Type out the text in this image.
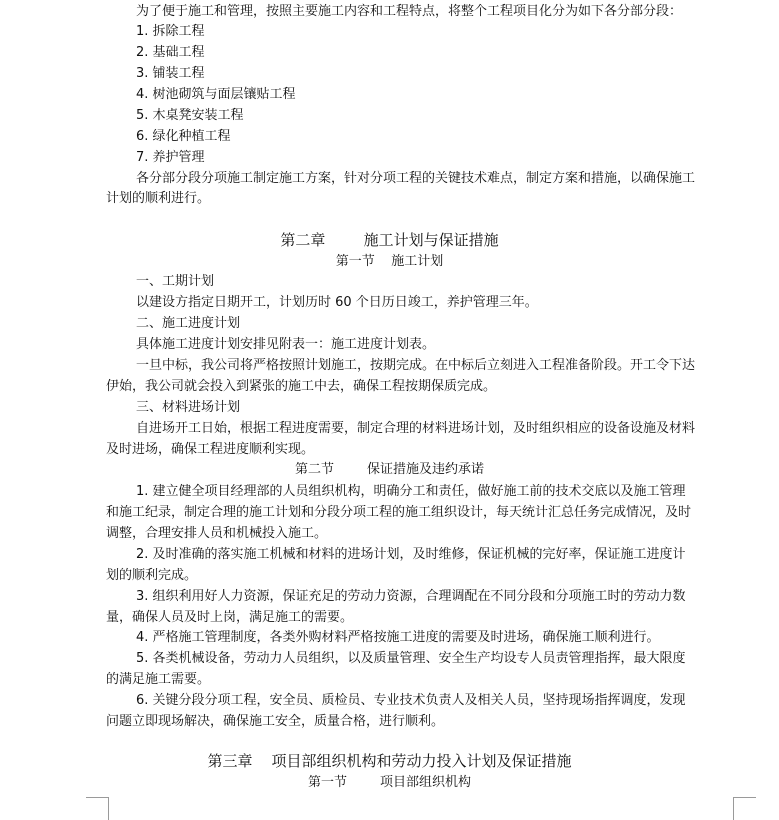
为了便于施工和管理，按照主要施工内容和工程特点，将整个工程项目化分为如下各分部分段：
1. 拆除工程
2. 基础工程
3. 铺装工程
4. 树池砌筑与面层镶贴工程
5. 木桌凳安装工程
6. 绿化种植工程
7. 养护管理
各分部分段分项施工制定施工方案，针对分项工程的关键技术难点，制定方案和措施，以确保施工
计划的顺利进行。
第二章        施工计划与保证措施
第一节    施工计划
一、工期计划
以建设方指定日期开工，计划历时 60 个日历日竣工，养护管理三年。
二、施工进度计划
具体施工进度计划安排见附表一：施工进度计划表。
一旦中标，我公司将严格按照计划施工，按期完成。在中标后立刻进入工程准备阶段。开工令下达
伊始，我公司就会投入到紧张的施工中去，确保工程按期保质完成。
三、材料进场计划
自进场开工日始，根据工程进度需要，制定合理的材料进场计划，及时组织相应的设备设施及材料
及时进场，确保工程进度顺利实现。
第二节        保证措施及违约承诺
1. 建立健全项目经理部的人员组织机构，明确分工和责任，做好施工前的技术交底以及施工管理
和施工纪录，制定合理的施工计划和分段分项工程的施工组织设计，每天统计汇总任务完成情况，及时
调整，合理安排人员和机械投入施工。
2. 及时准确的落实施工机械和材料的进场计划，及时维修，保证机械的完好率，保证施工进度计
划的顺利完成。
3. 组织利用好人力资源，保证充足的劳动力资源，合理调配在不同分段和分项施工时的劳动力数
量，确保人员及时上岗，满足施工的需要。
4. 严格施工管理制度，各类外购材料严格按施工进度的需要及时进场，确保施工顺利进行。
5. 各类机械设备，劳动力人员组织，以及质量管理、安全生产均设专人员责管理指挥，最大限度
的满足施工需要。
6. 关键分段分项工程，安全员、质检员、专业技术负责人及相关人员，坚持现场指挥调度，发现
问题立即现场解决，确保施工安全，质量合格，进行顺利。
第三章    项目部组织机构和劳动力投入计划及保证措施
第一节        项目部组织机构
